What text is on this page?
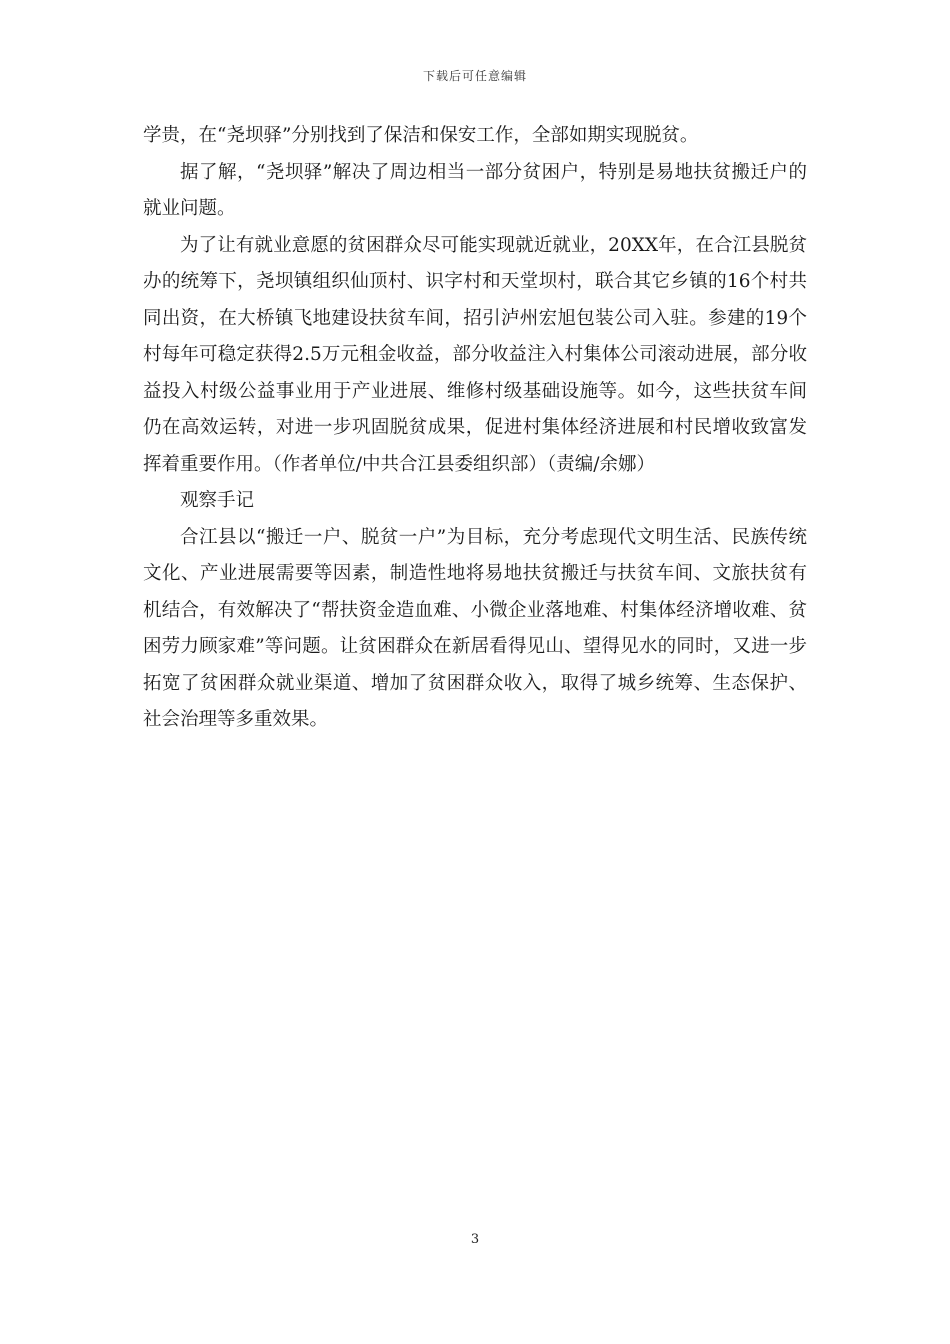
下载后可任意编辑

学贵，在“尧坝驿”分别找到了保洁和保安工作，全部如期实现脱贫。

据了解，“尧坝驿”解决了周边相当一部分贫困户，特别是易地扶贫搬迁户的就业问题。

为了让有就业意愿的贫困群众尽可能实现就近就业，20XX年，在合江县脱贫办的统筹下，尧坝镇组织仙顶村、识字村和天堂坝村，联合其它乡镇的16个村共同出资，在大桥镇飞地建设扶贫车间，招引泸州宏旭包装公司入驻。参建的19个村每年可稳定获得2.5万元租金收益，部分收益注入村集体公司滚动进展，部分收益投入村级公益事业用于产业进展、维修村级基础设施等。如今，这些扶贫车间仍在高效运转，对进一步巩固脱贫成果，促进村集体经济进展和村民增收致富发挥着重要作用。（作者单位/中共合江县委组织部）（责编/余娜）

观察手记

合江县以“搬迁一户、脱贫一户”为目标，充分考虑现代文明生活、民族传统文化、产业进展需要等因素，制造性地将易地扶贫搬迁与扶贫车间、文旅扶贫有机结合，有效解决了“帮扶资金造血难、小微企业落地难、村集体经济增收难、贫困劳力顾家难”等问题。让贫困群众在新居看得见山、望得见水的同时，又进一步拓宽了贫困群众就业渠道、增加了贫困群众收入，取得了城乡统筹、生态保护、社会治理等多重效果。

3
